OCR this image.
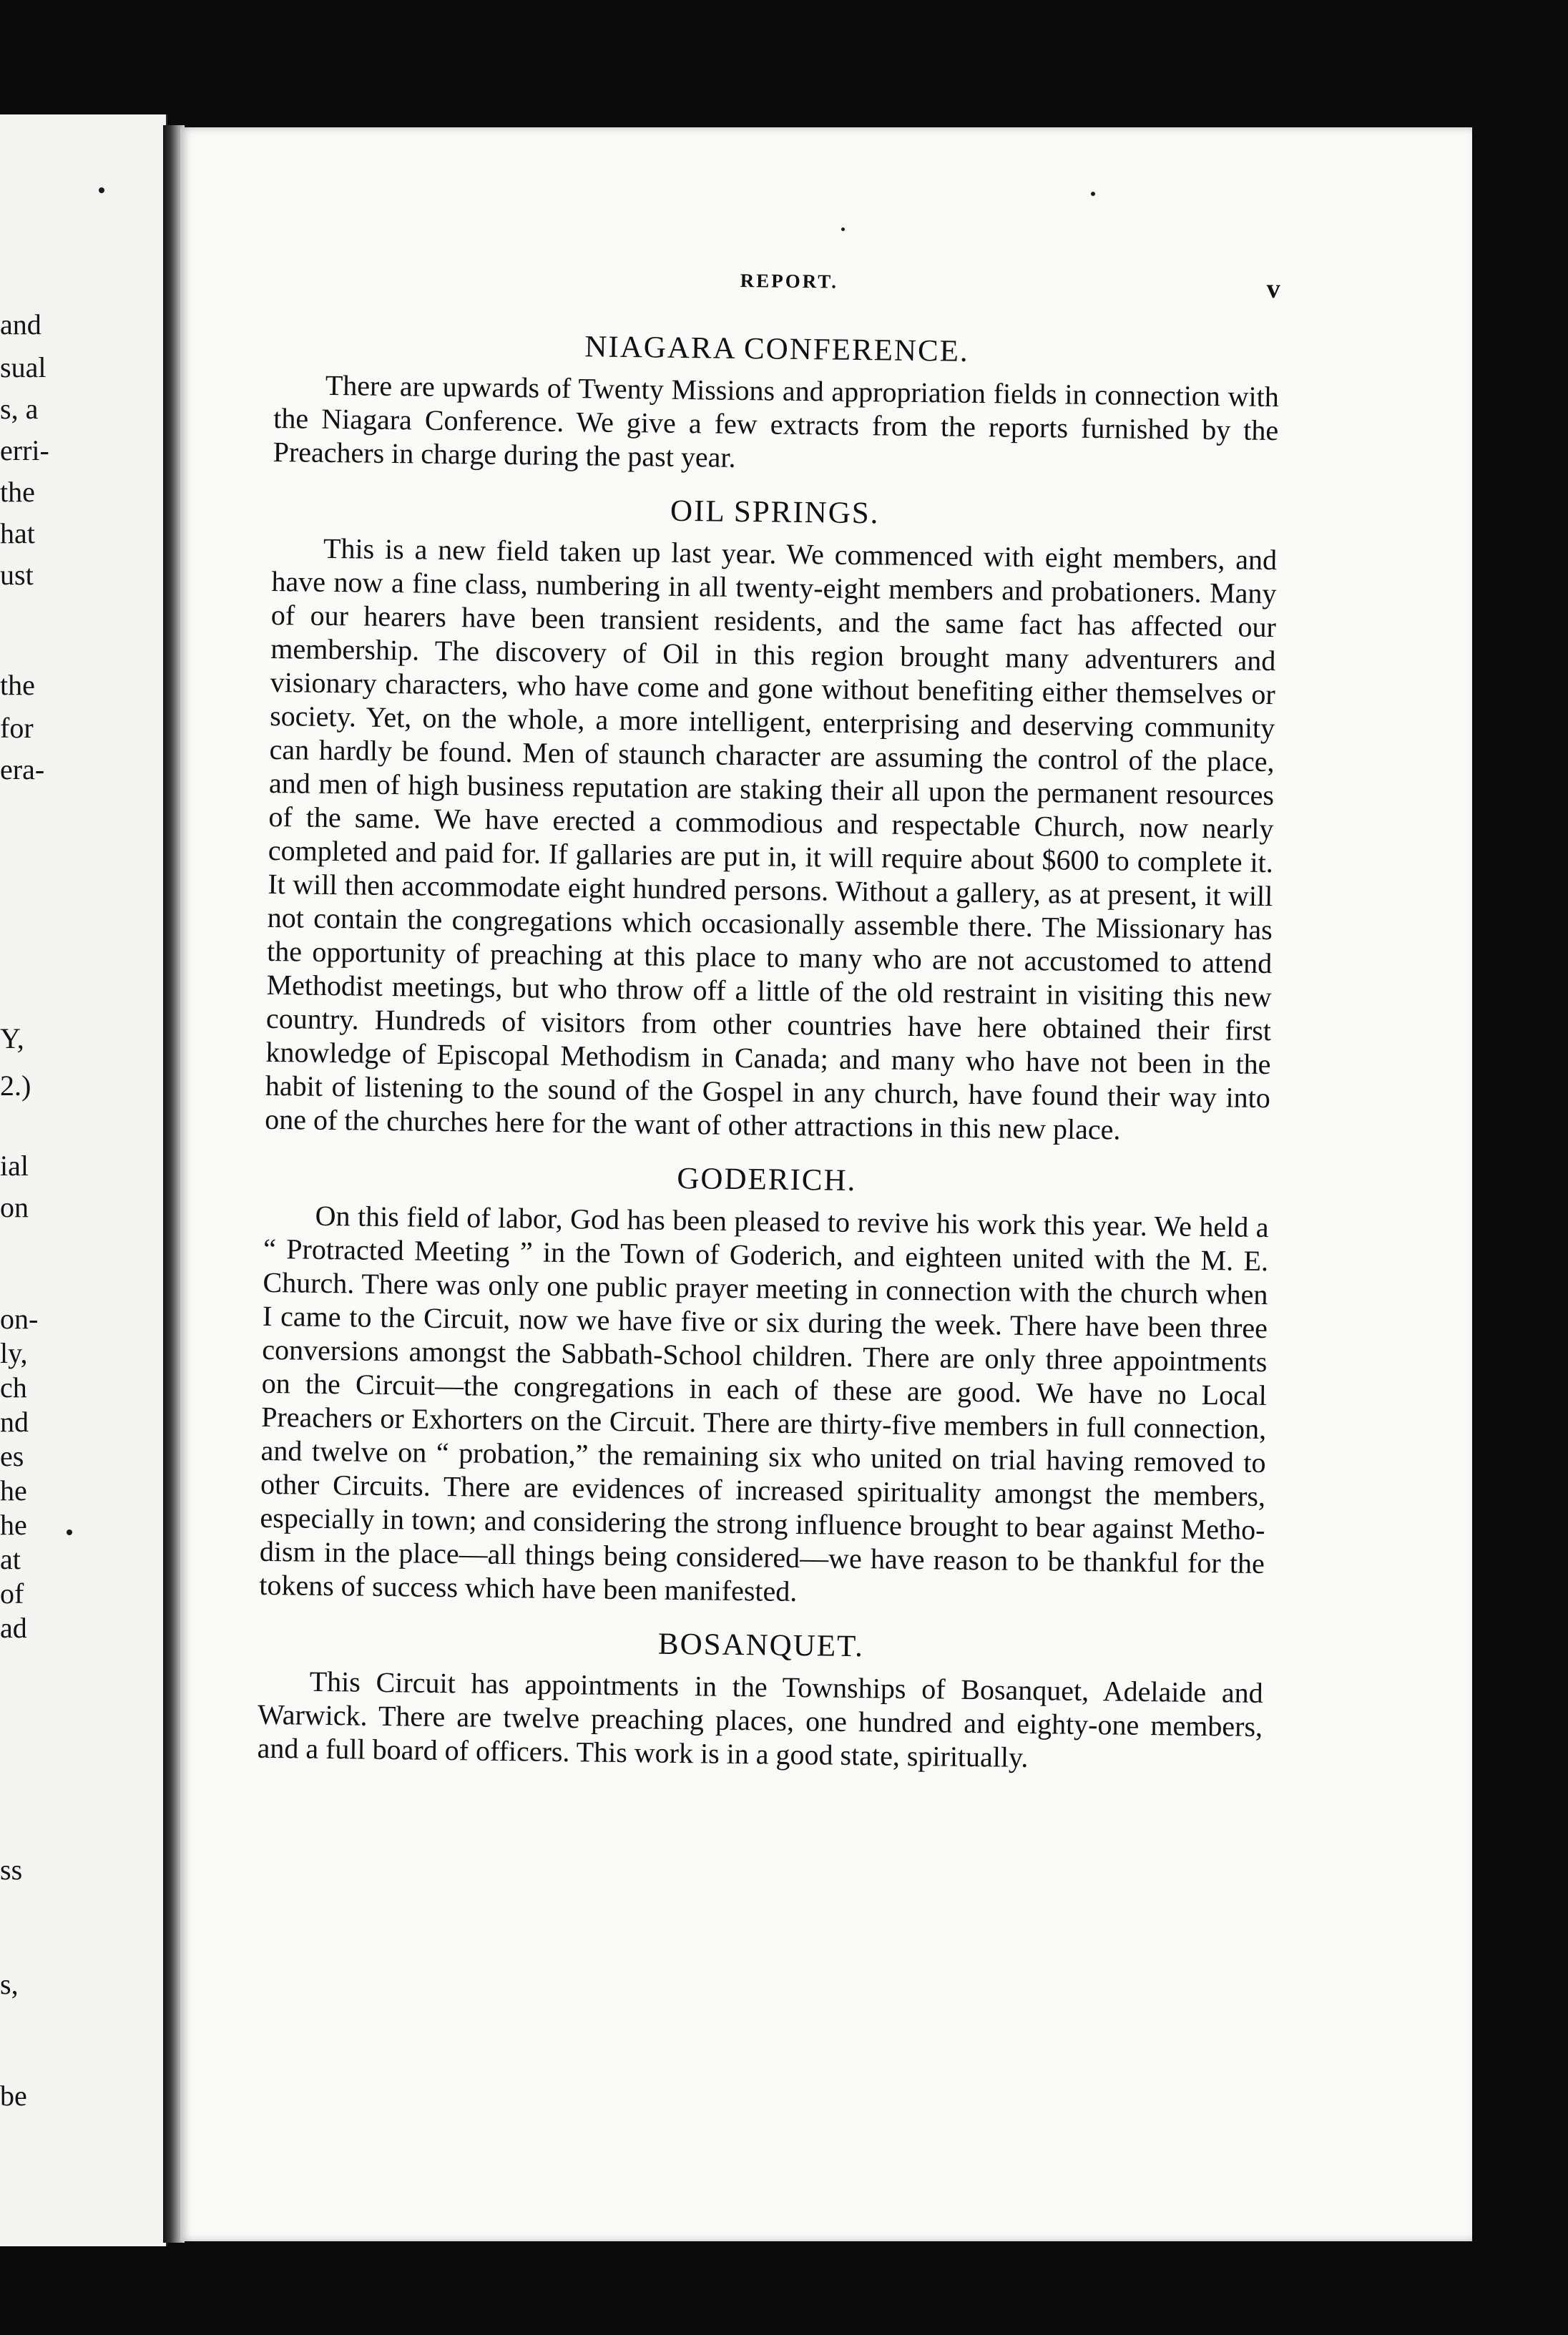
and
sual
s, a
erri-
the
hat
ust
the
for
era-
Y,
2.)
ial
on
on-
ly,
ch
nd
es
he
he
at
of
ad
ss
s,
be
REPORT.	v
NIAGARA CONFERENCE.

There are upwards of Twenty Missions and appropriation fields in connection with the Niagara Conference. We give a few extracts from the reports furnished by the Preachers in charge during the past year.

OIL SPRINGS.

This is a new field taken up last year. We commenced with eight members, and have now a fine class, numbering in all twenty-eight members and probationers. Many of our hearers have been transient residents, and the same fact has affected our membership. The discovery of Oil in this region brought many adventurers and visionary characters, who have come and gone without benefiting either themselves or society. Yet, on the whole, a more intelligent, enterprising and deserving community can hardly be found. Men of staunch character are assuming the control of the place, and men of high business reputation are staking their all upon the permanent resources of the same. We have erected a commodious and respectable Church, now nearly completed and paid for. If gallaries are put in, it will require about $600 to complete it. It will then accommodate eight hundred persons. Without a gallery, as at present, it will not contain the congregations which occasionally assemble there. The Missionary has the opportunity of preaching at this place to many who are not accustomed to attend Methodist meetings, but who throw off a little of the old restraint in visiting this new country. Hundreds of visitors from other countries have here obtained their first knowledge of Episcopal Methodism in Canada; and many who have not been in the habit of listening to the sound of the Gospel in any church, have found their way into one of the churches here for the want of other attractions in this new place.

GODERICH.

On this field of labor, God has been pleased to revive his work this year. We held a “ Protracted Meeting ” in the Town of Goderich, and eighteen united with the M. E. Church. There was only one public prayer meeting in connection with the church when I came to the Circuit, now we have five or six during the week. There have been three conversions amongst the Sabbath-School children. There are only three appointments on the Circuit—the congregations in each of these are good. We have no Local Preachers or Exhorters on the Circuit. There are thirty-five members in full connection, and twelve on “ probation,” the remaining six who united on trial having removed to other Circuits. There are evidences of increased spirituality amongst the members, especially in town; and considering the strong influence brought to bear against Methodism in the place—all things being considered—we have reason to be thankful for the tokens of success which have been manifested.

BOSANQUET.

This Circuit has appointments in the Townships of Bosanquet, Adelaide and Warwick. There are twelve preaching places, one hundred and eighty-one members, and a full board of officers. This work is in a good state, spiritually.
